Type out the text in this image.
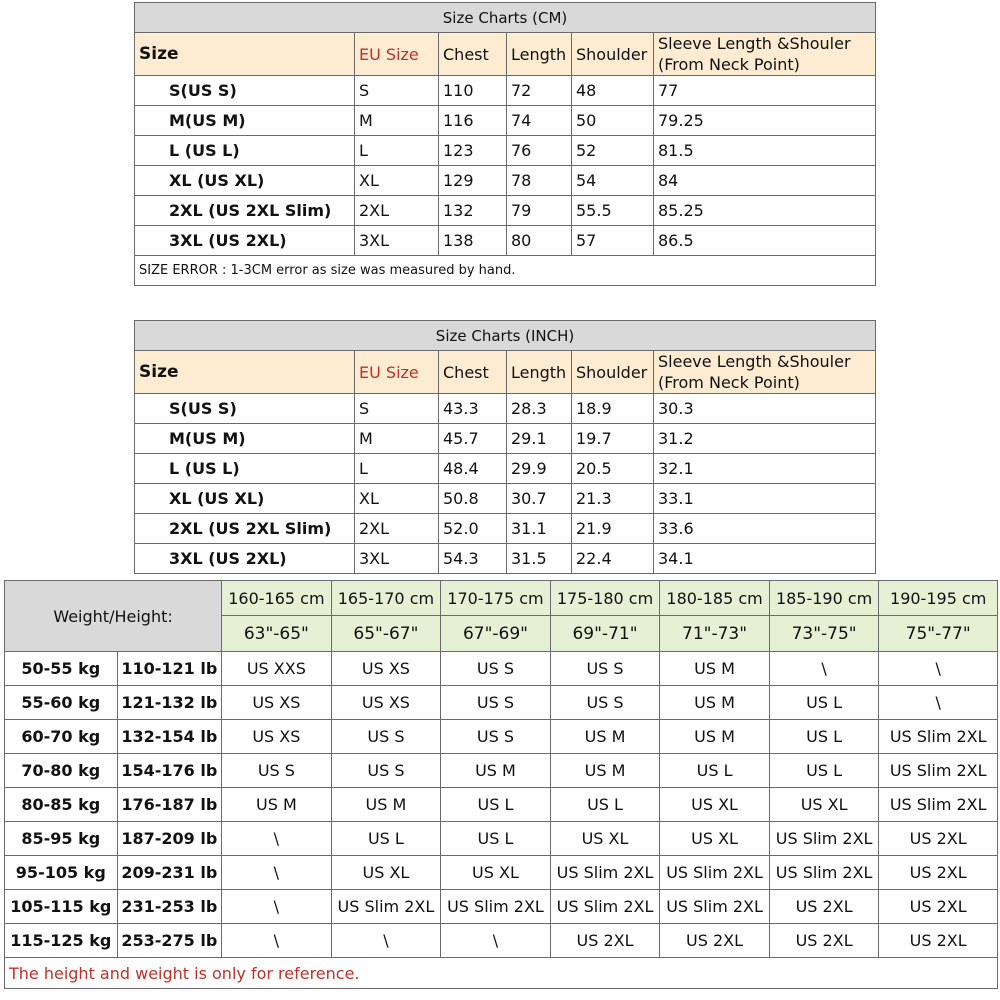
Size Charts (CM)					
Size	EU Size	Chest	Length	Shoulder	Sleeve Length &Shouler
(From Neck Point)
S(US S)	S	110	72	48	77
M(US M)	M	116	74	50	79.25
L (US L)	L	123	76	52	81.5
XL (US XL)	XL	129	78	54	84
2XL (US 2XL Slim)	2XL	132	79	55.5	85.25
3XL (US 2XL)	3XL	138	80	57	86.5
SIZE ERROR : 1-3CM error as size was measured by hand.					
Size Charts (INCH)					
Size	EU Size	Chest	Length	Shoulder	Sleeve Length &Shouler
(From Neck Point)
S(US S)	S	43.3	28.3	18.9	30.3
M(US M)	M	45.7	29.1	19.7	31.2
L (US L)	L	48.4	29.9	20.5	32.1
XL (US XL)	XL	50.8	30.7	21.3	33.1
2XL (US 2XL Slim)	2XL	52.0	31.1	21.9	33.6
3XL (US 2XL)	3XL	54.3	31.5	22.4	34.1
Weight/Height:		160-165 cm	165-170 cm	170-175 cm	175-180 cm	180-185 cm	185-190 cm	190-195 cm
		63"-65"	65"-67"	67"-69"	69"-71"	71"-73"	73"-75"	75"-77"
50-55 kg	110-121 lb	US XXS	US XS	US S	US S	US M	\	\
55-60 kg	121-132 lb	US XS	US XS	US S	US S	US M	US L	\
60-70 kg	132-154 lb	US XS	US S	US S	US M	US M	US L	US Slim 2XL
70-80 kg	154-176 lb	US S	US S	US M	US M	US L	US L	US Slim 2XL
80-85 kg	176-187 lb	US M	US M	US L	US L	US XL	US XL	US Slim 2XL
85-95 kg	187-209 lb	\	US L	US L	US XL	US XL	US Slim 2XL	US 2XL
95-105 kg	209-231 lb	\	US XL	US XL	US Slim 2XL	US Slim 2XL	US Slim 2XL	US 2XL
105-115 kg	231-253 lb	\	US Slim 2XL	US Slim 2XL	US Slim 2XL	US Slim 2XL	US 2XL	US 2XL
115-125 kg	253-275 lb	\	\	\	US 2XL	US 2XL	US 2XL	US 2XL
The height and weight is only for reference.								
